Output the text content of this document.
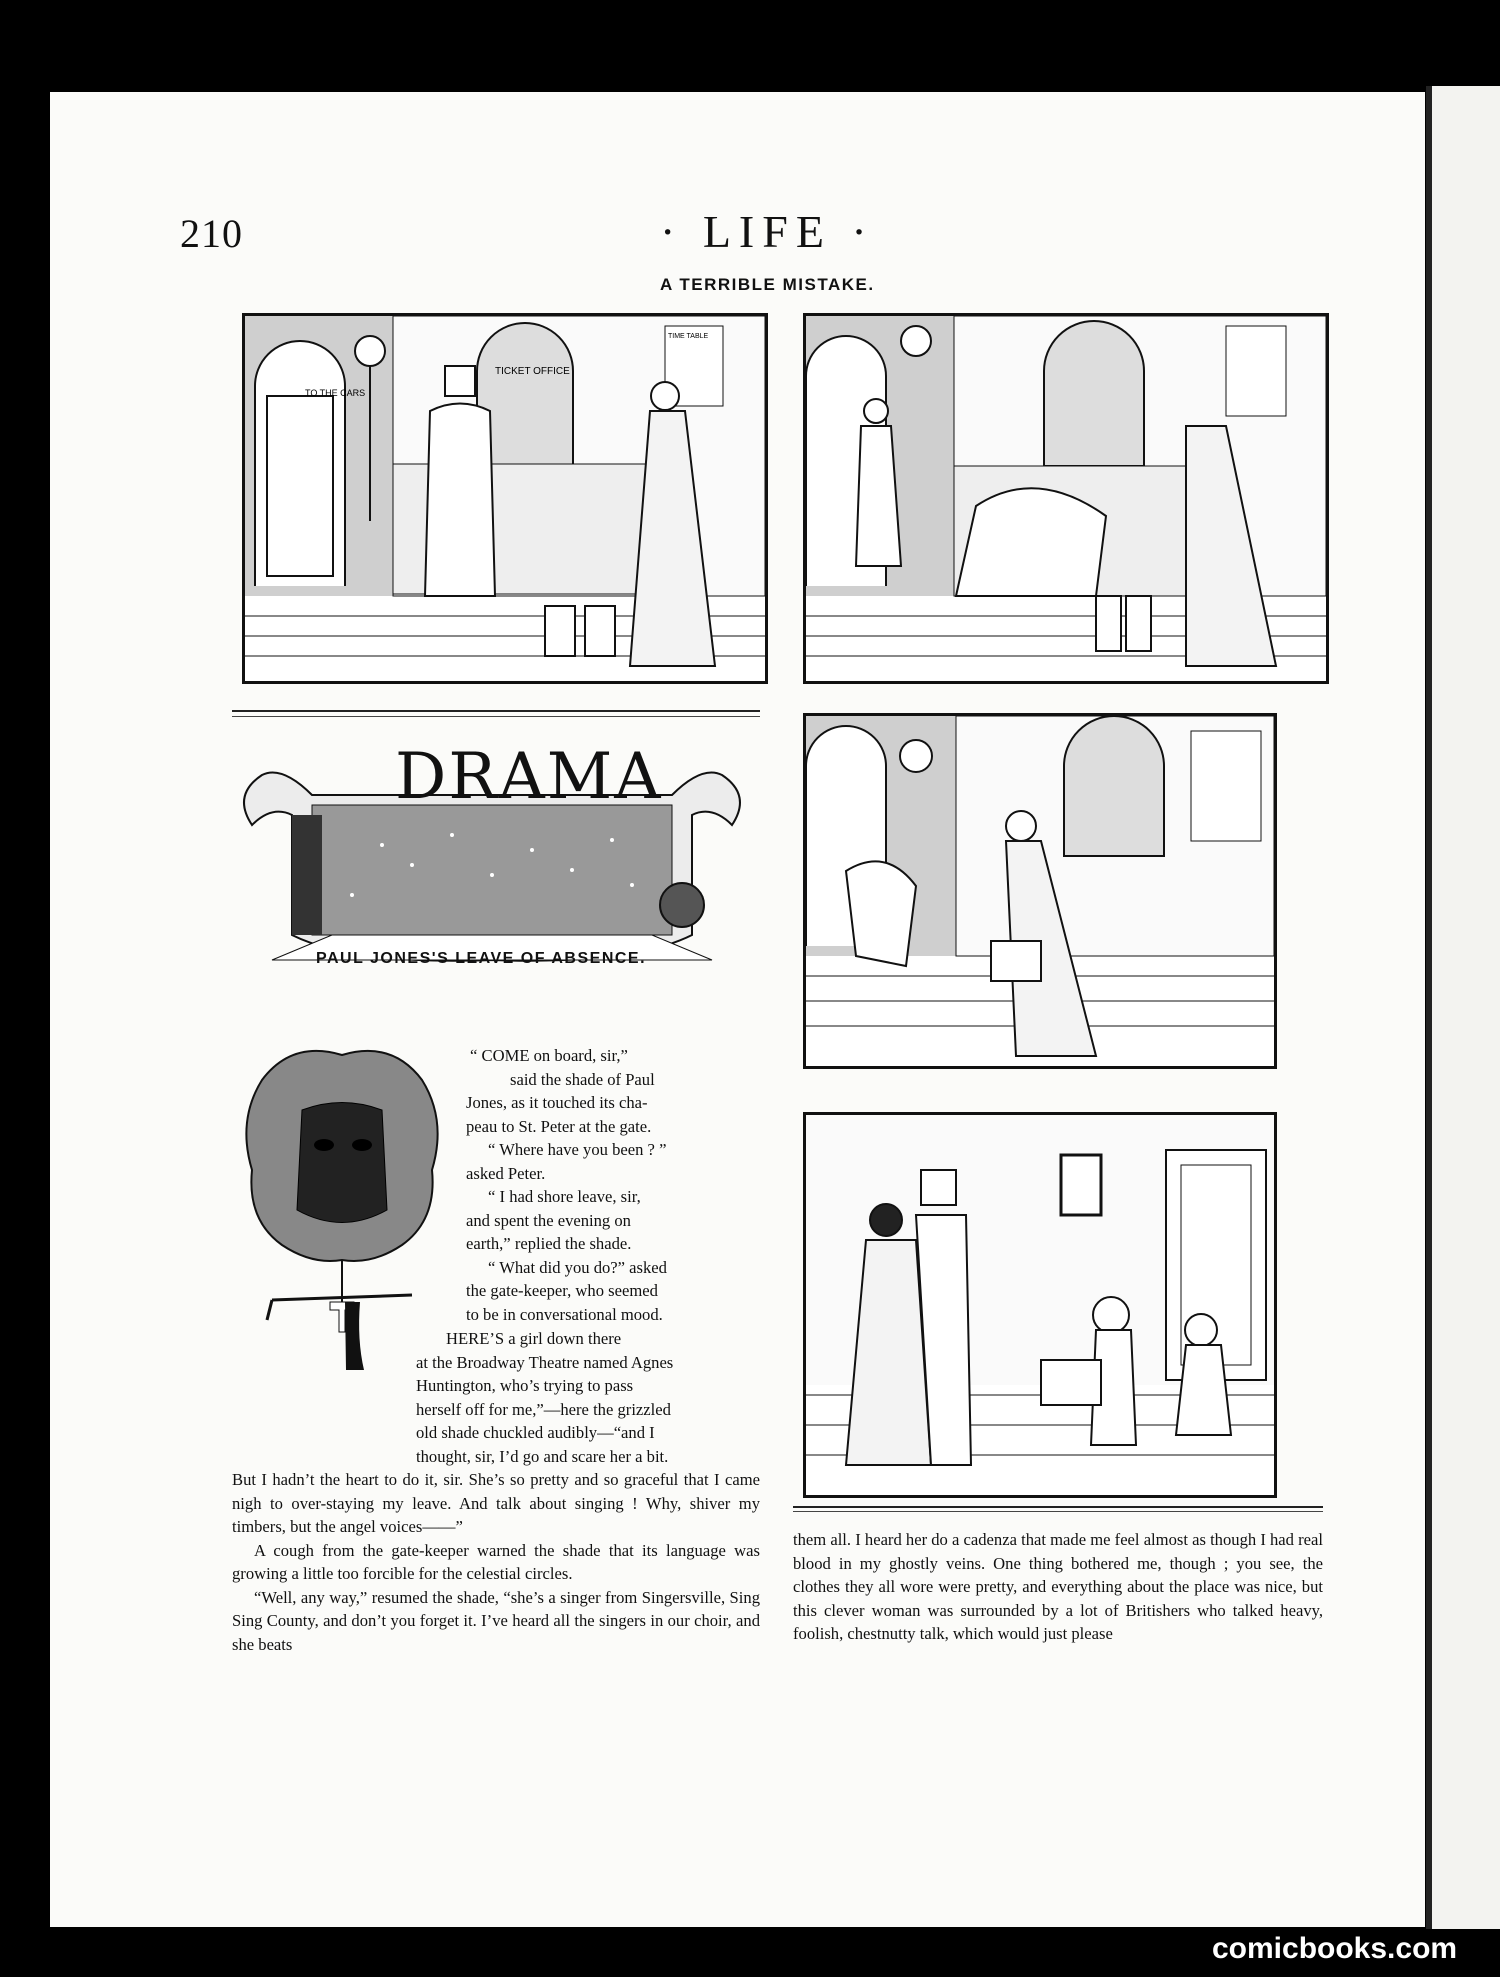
210	· LIFE ·
A TERRIBLE MISTAKE.
TO THE CARS
TICKET OFFICE
TIME TABLE
DRAMA
PAUL JONES'S LEAVE OF ABSENCE.

“ COME on board, sir,”

said the shade of Paul

Jones, as it touched its cha-

peau to St. Peter at the gate.

“ Where have you been ? ”

asked Peter.

“ I had shore leave, sir,

and spent the evening on

earth,” replied the shade.

“ What did you do?” asked

the gate-keeper, who seemed

to be in conversational mood.

HERE’S a girl down there

at the Broadway Theatre named Agnes

Huntington, who’s trying to pass

herself off for me,”—here the grizzled

old shade chuckled audibly—“and I

thought, sir, I’d go and scare her a bit.

But I hadn’t the heart to do it, sir. She’s so pretty and so graceful that I came nigh to over-staying my leave. And talk about singing ! Why, shiver my timbers, but the angel voices——”

A cough from the gate-keeper warned the shade that its language was growing a little too forcible for the celestial circles.

“Well, any way,” resumed the shade, “she’s a singer from Singersville, Sing Sing County, and don’t you forget it. I’ve heard all the singers in our choir, and she beats

them all. I heard her do a cadenza that made me feel almost as though I had real blood in my ghostly veins. One thing bothered me, though ; you see, the clothes they all wore were pretty, and everything about the place was nice, but this clever woman was surrounded by a lot of Britishers who talked heavy, foolish, chestnutty talk, which would just please

comicbooks.com
